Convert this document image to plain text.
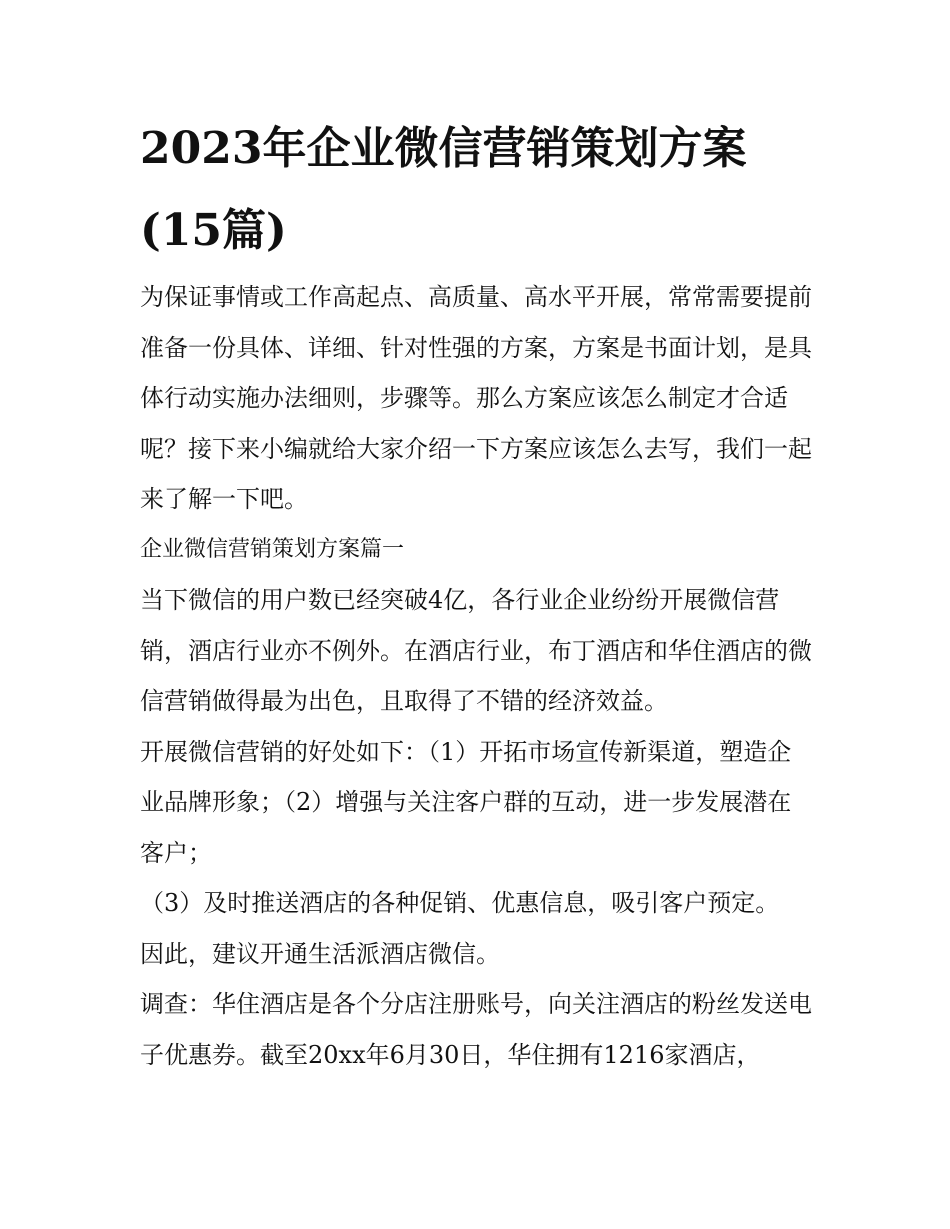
2023年企业微信营销策划方案(15篇)

为保证事情或工作高起点、高质量、高水平开展，常常需要提前准备一份具体、详细、针对性强的方案，方案是书面计划，是具体行动实施办法细则，步骤等。那么方案应该怎么制定才合适呢？接下来小编就给大家介绍一下方案应该怎么去写，我们一起来了解一下吧。

企业微信营销策划方案篇一

当下微信的用户数已经突破4亿，各行业企业纷纷开展微信营销，酒店行业亦不例外。在酒店行业，布丁酒店和华住酒店的微信营销做得最为出色，且取得了不错的经济效益。

开展微信营销的好处如下：（1）开拓市场宣传新渠道，塑造企业品牌形象；（2）增强与关注客户群的互动，进一步发展潜在客户；

（3）及时推送酒店的各种促销、优惠信息，吸引客户预定。

因此，建议开通生活派酒店微信。

调查：华住酒店是各个分店注册账号，向关注酒店的粉丝发送电子优惠券。截至20xx年6月30日，华住拥有1216家酒店，
